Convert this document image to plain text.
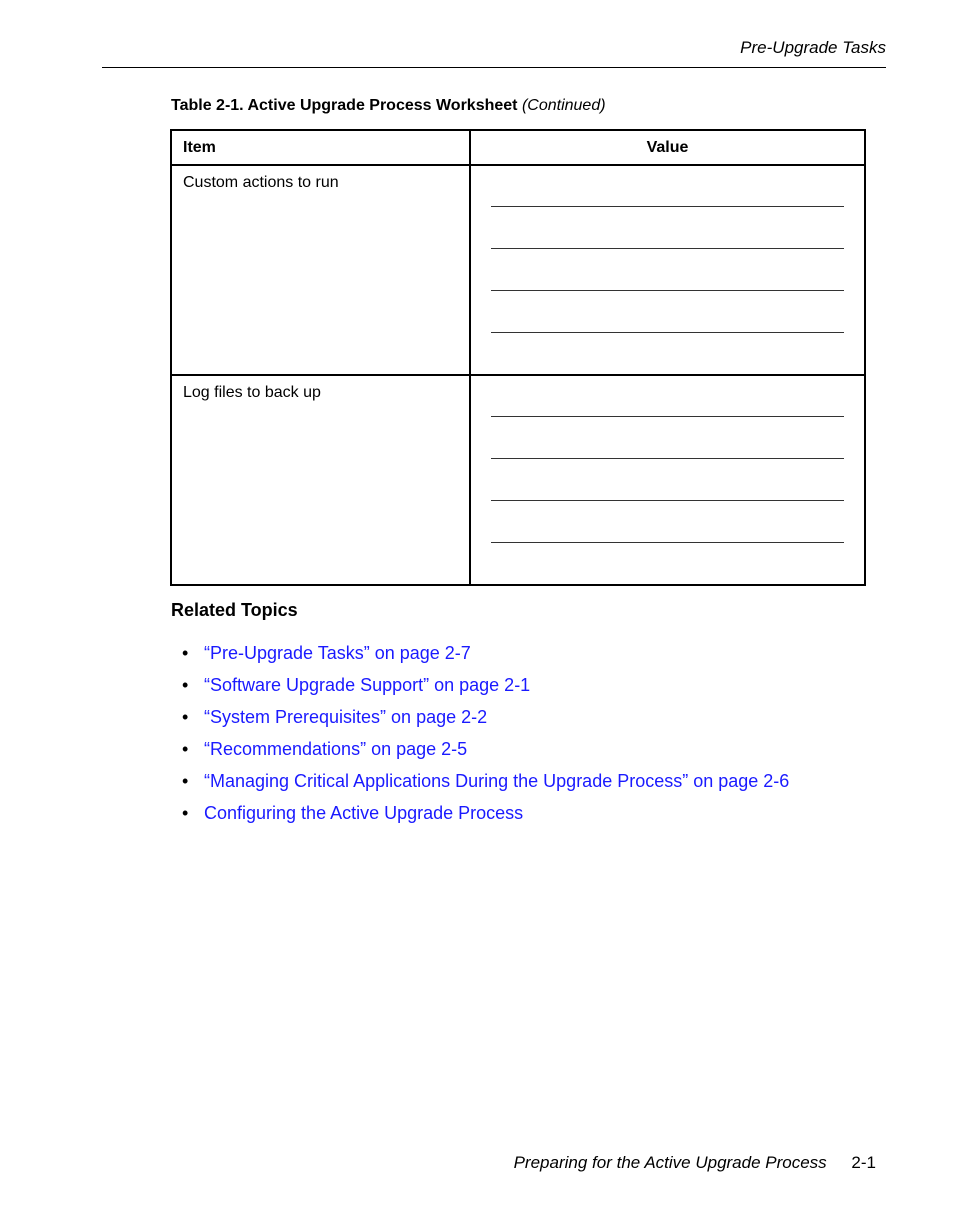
Pre-Upgrade Tasks
Table 2-1. Active Upgrade Process Worksheet (Continued)
Item	Value
Custom actions to run	

Log files to back up	
Related Topics
• “Pre-Upgrade Tasks” on page 2-7
• “Software Upgrade Support” on page 2-1
• “System Prerequisites” on page 2-2
• “Recommendations” on page 2-5
• “Managing Critical Applications During the Upgrade Process” on page 2-6
• Configuring the Active Upgrade Process
Preparing for the Active Upgrade Process 2-1
